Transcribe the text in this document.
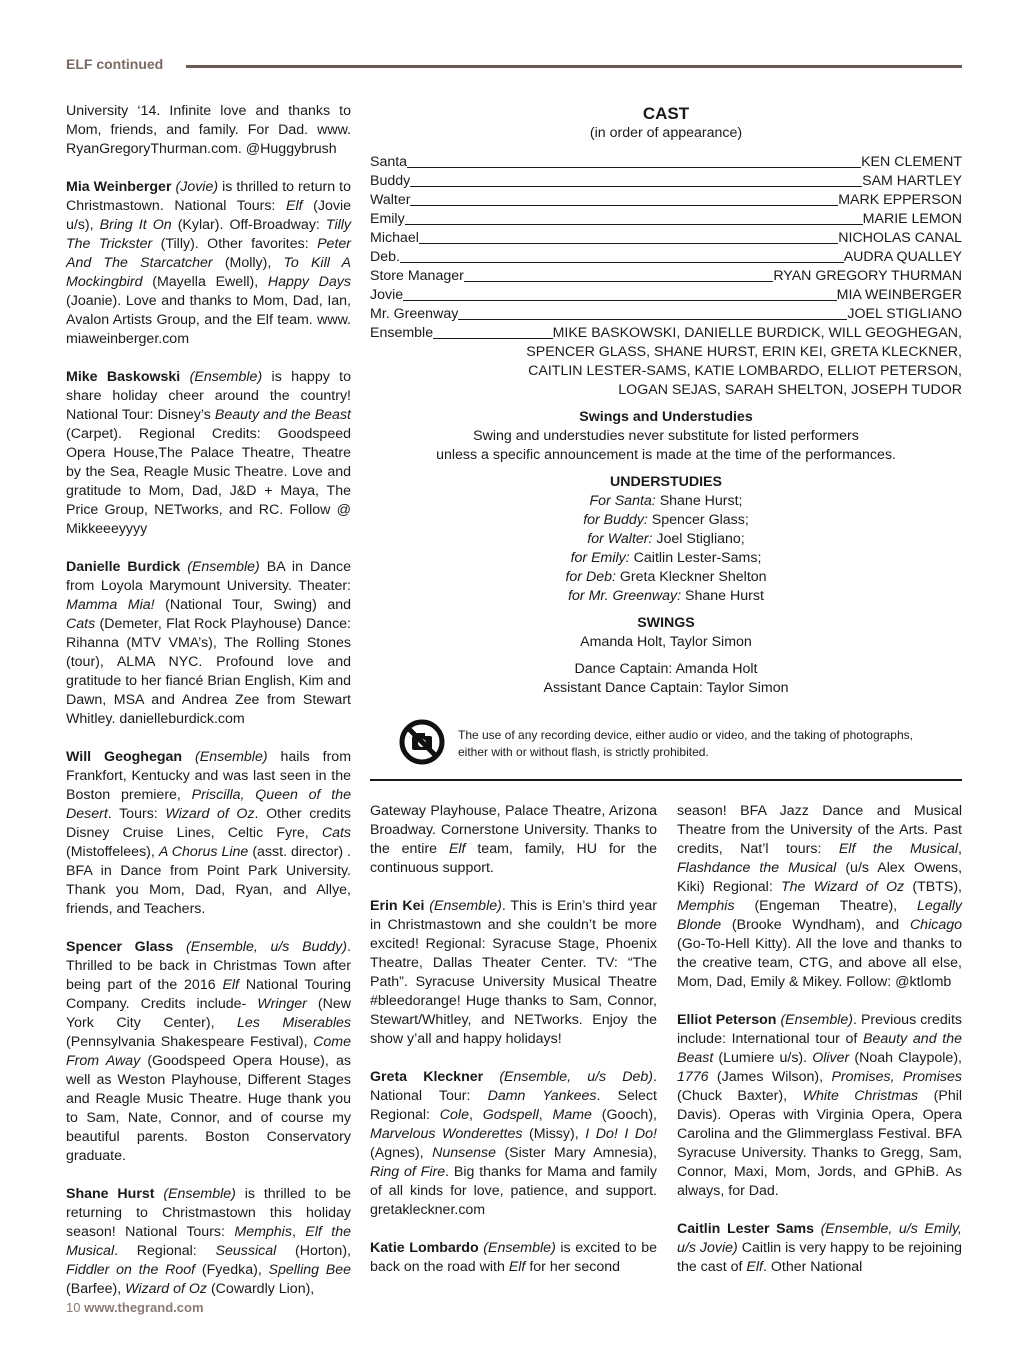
ELF continued

University ‘14. Infinite love and thanks to Mom, friends, and family. For Dad. www. RyanGregoryThurman.com. @Huggybrush

Mia Weinberger (Jovie) is thrilled to return to Christmastown. National Tours: Elf (Jovie u/s), Bring It On (Kylar). Off-Broadway: Tilly The Trickster (Tilly). Other favorites: Peter And The Starcatcher (Molly), To Kill A Mockingbird (Mayella Ewell), Happy Days (Joanie). Love and thanks to Mom, Dad, Ian, Avalon Artists Group, and the Elf team. www. miaweinberger.com

Mike Baskowski (Ensemble) is happy to share holiday cheer around the country! National Tour: Disney’s Beauty and the Beast (Carpet). Regional Credits: Goodspeed Opera House,The Palace Theatre, Theatre by the Sea, Reagle Music Theatre. Love and gratitude to Mom, Dad, J&D + Maya, The Price Group, NETworks, and RC. Follow @ Mikkeeeyyyy

Danielle Burdick (Ensemble) BA in Dance from Loyola Marymount University. Theater: Mamma Mia! (National Tour, Swing) and Cats (Demeter, Flat Rock Playhouse) Dance: Rihanna (MTV VMA’s), The Rolling Stones (tour), ALMA NYC. Profound love and gratitude to her fiancé Brian English, Kim and Dawn, MSA and Andrea Zee from Stewart Whitley. danielleburdick.com

Will Geoghegan (Ensemble) hails from Frankfort, Kentucky and was last seen in the Boston premiere, Priscilla, Queen of the Desert. Tours: Wizard of Oz. Other credits Disney Cruise Lines, Celtic Fyre, Cats (Mistoffelees), A Chorus Line (asst. director) . BFA in Dance from Point Park University. Thank you Mom, Dad, Ryan, and Allye, friends, and Teachers.

Spencer Glass (Ensemble, u/s Buddy). Thrilled to be back in Christmas Town after being part of the 2016 Elf National Touring Company. Credits include- Wringer (New York City Center), Les Miserables (Pennsylvania Shakespeare Festival), Come From Away (Goodspeed Opera House), as well as Weston Playhouse, Different Stages and Reagle Music Theatre. Huge thank you to Sam, Nate, Connor, and of course my beautiful parents. Boston Conservatory graduate.

Shane Hurst (Ensemble) is thrilled to be returning to Christmastown this holiday season! National Tours: Memphis, Elf the Musical. Regional: Seussical (Horton), Fiddler on the Roof (Fyedka), Spelling Bee (Barfee), Wizard of Oz (Cowardly Lion),

CAST
(in order of appearance)
Santa	KEN CLEMENT
Buddy	SAM HARTLEY
Walter	MARK EPPERSON
Emily	MARIE LEMON
Michael	NICHOLAS CANAL
Deb.	AUDRA QUALLEY
Store Manager	RYAN GREGORY THURMAN
Jovie	MIA WEINBERGER
Mr. Greenway	JOEL STIGLIANO
Ensemble	MIKE BASKOWSKI, DANIELLE BURDICK, WILL GEOGHEGAN,
SPENCER GLASS, SHANE HURST, ERIN KEI, GRETA KLECKNER,
CAITLIN LESTER-SAMS, KATIE LOMBARDO, ELLIOT PETERSON,
LOGAN SEJAS, SARAH SHELTON, JOSEPH TUDOR
Swings and Understudies
Swing and understudies never substitute for listed performers
unless a specific announcement is made at the time of the performances.
UNDERSTUDIES
For Santa: Shane Hurst;
for Buddy: Spencer Glass;
for Walter: Joel Stigliano;
for Emily: Caitlin Lester-Sams;
for Deb: Greta Kleckner Shelton
for Mr. Greenway: Shane Hurst
SWINGS
Amanda Holt, Taylor Simon
Dance Captain: Amanda Holt
Assistant Dance Captain: Taylor Simon
The use of any recording device, either audio or video, and the taking of photographs,
either with or without flash, is strictly prohibited.

Gateway Playhouse, Palace Theatre, Arizona Broadway. Cornerstone University. Thanks to the entire Elf team, family, HU for the continuous support.

Erin Kei (Ensemble). This is Erin’s third year in Christmastown and she couldn’t be more excited! Regional: Syracuse Stage, Phoenix Theatre, Dallas Theater Center. TV: “The Path”. Syracuse University Musical Theatre #bleedorange! Huge thanks to Sam, Connor, Stewart/Whitley, and NETworks. Enjoy the show y’all and happy holidays!

Greta Kleckner (Ensemble, u/s Deb). National Tour: Damn Yankees. Select Regional: Cole, Godspell, Mame (Gooch), Marvelous Wonderettes (Missy), I Do! I Do! (Agnes), Nunsense (Sister Mary Amnesia), Ring of Fire. Big thanks for Mama and family of all kinds for love, patience, and support. gretakleckner.com

Katie Lombardo (Ensemble) is excited to be back on the road with Elf for her second

season! BFA Jazz Dance and Musical Theatre from the University of the Arts. Past credits, Nat’l tours: Elf the Musical, Flashdance the Musical (u/s Alex Owens, Kiki) Regional: The Wizard of Oz (TBTS), Memphis (Engeman Theatre), Legally Blonde (Brooke Wyndham), and Chicago (Go-To-Hell Kitty). All the love and thanks to the creative team, CTG, and above all else, Mom, Dad, Emily & Mikey. Follow: @ktlomb

Elliot Peterson (Ensemble). Previous credits include: International tour of Beauty and the Beast (Lumiere u/s). Oliver (Noah Claypole), 1776 (James Wilson), Promises, Promises (Chuck Baxter), White Christmas (Phil Davis). Operas with Virginia Opera, Opera Carolina and the Glimmerglass Festival. BFA Syracuse University. Thanks to Gregg, Sam, Connor, Maxi, Mom, Jords, and GPhiB. As always, for Dad.

Caitlin Lester Sams (Ensemble, u/s Emily, u/s Jovie) Caitlin is very happy to be rejoining the cast of Elf. Other National

10 www.thegrand.com
